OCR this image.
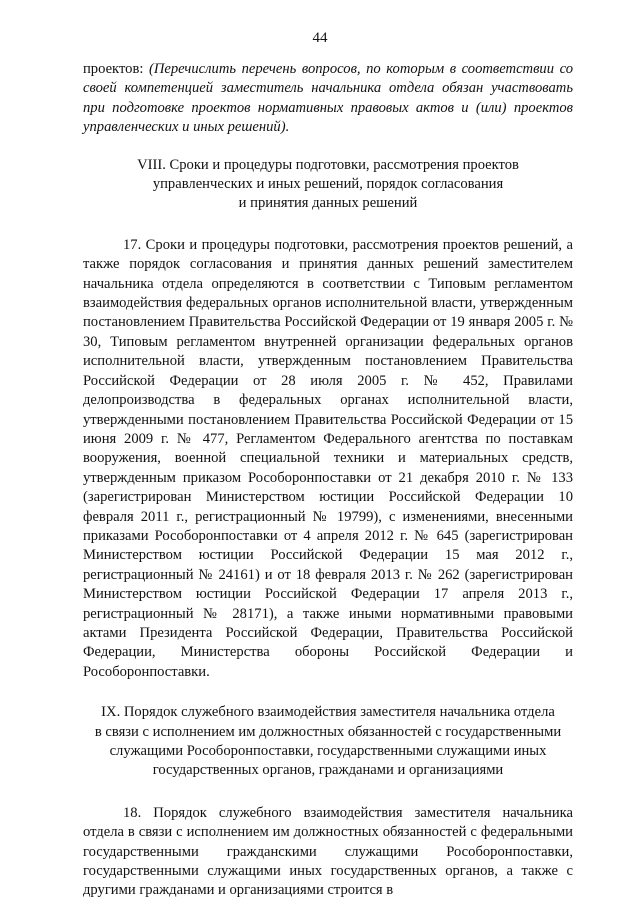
44

проектов: (Перечислить перечень вопросов, по которым в соответствии со своей компетенцией заместитель начальника отдела обязан участвовать при подготовке проектов нормативных правовых актов и (или) проектов управленческих и иных решений).

VIII. Сроки и процедуры подготовки, рассмотрения проектов
управленческих и иных решений, порядок согласования
и принятия данных решений

17. Сроки и процедуры подготовки, рассмотрения проектов решений, а также порядок согласования и принятия данных решений заместителем начальника отдела определяются в соответствии с Типовым регламентом взаимодействия федеральных органов исполнительной власти, утвержденным постановлением Правительства Российской Федерации от 19 января 2005 г. № 30, Типовым регламентом внутренней организации федеральных органов исполнительной власти, утвержденным постановлением Правительства Российской Федерации от 28 июля 2005 г. № 452, Правилами делопроизводства в федеральных органах исполнительной власти, утвержденными постановлением Правительства Российской Федерации от 15 июня 2009 г. № 477, Регламентом Федерального агентства по поставкам вооружения, военной специальной техники и материальных средств, утвержденным приказом Рособоронпоставки от 21 декабря 2010 г. № 133 (зарегистрирован Министерством юстиции Российской Федерации 10 февраля 2011 г., регистрационный № 19799), с изменениями, внесенными приказами Рособоронпоставки от 4 апреля 2012 г. № 645 (зарегистрирован Министерством юстиции Российской Федерации 15 мая 2012 г., регистрационный № 24161) и от 18 февраля 2013 г. № 262 (зарегистрирован Министерством юстиции Российской Федерации 17 апреля 2013 г., регистрационный № 28171), а также иными нормативными правовыми актами Президента Российской Федерации, Правительства Российской Федерации, Министерства обороны Российской Федерации и Рособоронпоставки.

IX. Порядок служебного взаимодействия заместителя начальника отдела
в связи с исполнением им должностных обязанностей с государственными
служащими Рособоронпоставки, государственными служащими иных
государственных органов, гражданами и организациями

18. Порядок служебного взаимодействия заместителя начальника отдела в связи с исполнением им должностных обязанностей с федеральными государственными гражданскими служащими Рособоронпоставки, государственными служащими иных государственных органов, а также с другими гражданами и организациями строится в
